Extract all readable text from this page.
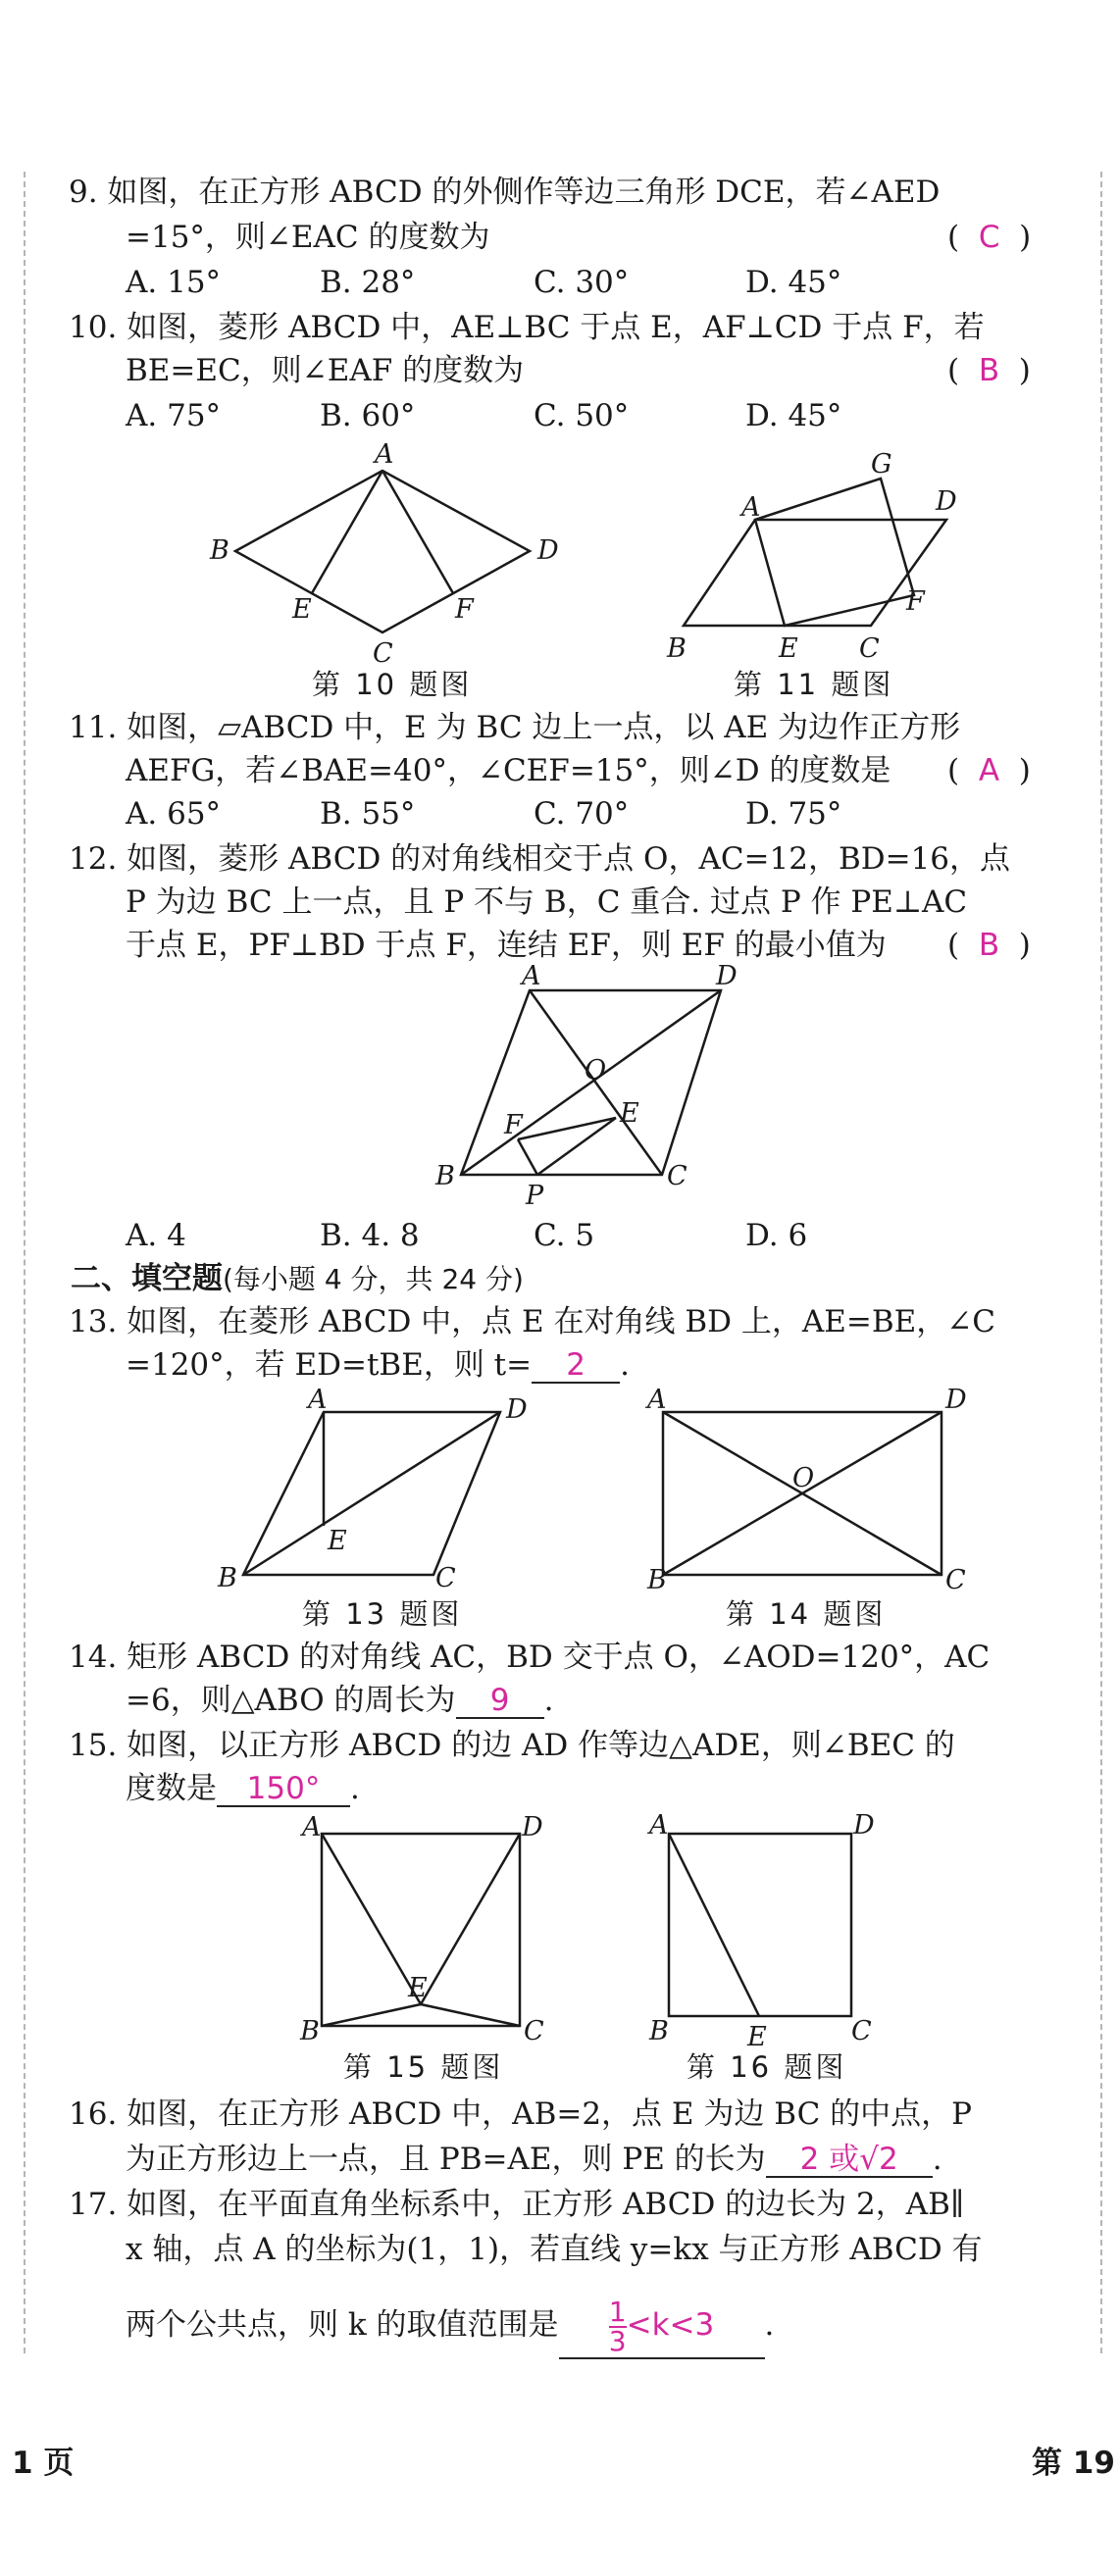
9. 如图，在正方形 ABCD 的外侧作等边三角形 DCE，若∠AED
=15°，则∠EAC 的度数为	(  C  )
A. 15°	B. 28°	C. 30°	D. 45°
10. 如图，菱形 ABCD 中，AE⊥BC 于点 E，AF⊥CD 于点 F，若
BE=EC，则∠EAF 的度数为	(  B  )
A. 75°	B. 60°	C. 50°	D. 45°
A
B
C
D
E	F
第 10 题图
A
B	C
D
E
F
G
第 11 题图
11. 如图，▱ABCD 中，E 为 BC 边上一点，以 AE 为边作正方形
AEFG，若∠BAE=40°，∠CEF=15°，则∠D 的度数是 (  A  )
A. 65°	B. 55°	C. 70°	D. 75°
12. 如图，菱形 ABCD 的对角线相交于点 O，AC=12，BD=16，点
P 为边 BC 上一点，且 P 不与 B，C 重合. 过点 P 作 PE⊥AC
于点 E，PF⊥BD 于点 F，连结 EF，则 EF 的最小值为 (  B  )
A
B	C
D
O
E
F
P
A. 4	B. 4. 8	C. 5	D. 6
二、填空题(每小题 4 分，共 24 分)
13. 如图，在菱形 ABCD 中，点 E 在对角线 BD 上，AE=BE，∠C
=120°，若 ED=tBE，则 t= 2 .
A
B	C
D
E
第 13 题图
A
B	C
D
O
第 14 题图
14. 矩形 ABCD 的对角线 AC，BD 交于点 O，∠AOD=120°，AC
=6，则△ABO 的周长为 9 .
15. 如图，以正方形 ABCD 的边 AD 作等边△ADE，则∠BEC 的
度数是 150° .
A
B	C
D
E
第 15 题图
A
B	C
D
E
第 16 题图
16. 如图，在正方形 ABCD 中，AB=2，点 E 为边 BC 的中点，P
为正方形边上一点，且 PB=AE，则 PE 的长为 2 或√2 .
17. 如图，在平面直角坐标系中，正方形 ABCD 的边长为 2，AB∥
x 轴，点 A 的坐标为(1，1)，若直线 y=kx 与正方形 ABCD 有
两个公共点，则 k 的取值范围是 $\frac{1}{3} <k<3$ .
1 页	第 19
